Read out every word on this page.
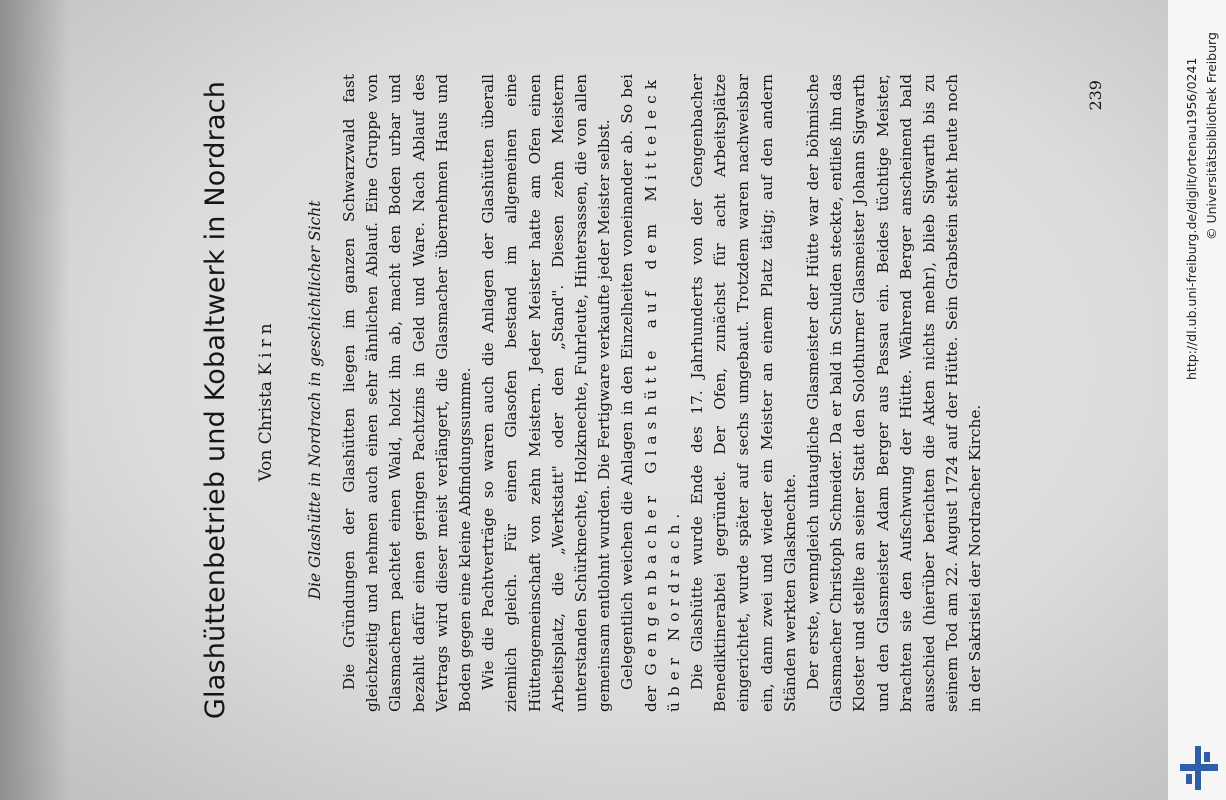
Glashüttenbetrieb und Kobaltwerk in Nordrach Von Christa Kirn Die Glashütte in Nordrach in geschichtlicher Sicht Die Gründungen der Glashütten liegen im ganzen Schwarzwald fast gleichzeitig und nehmen auch einen sehr ähnlichen Ablauf. Eine Gruppe von Glasmachern pachtet einen Wald, holzt ihn ab, macht den Boden urbar und bezahlt dafür einen geringen Pachtzins in Geld und Ware. Nach Ablauf des Vertrags wird dieser meist verlängert, die Glasmacher übernehmen Haus und Boden gegen eine kleine Abfindungssumme. Wie die Pachtverträge so waren auch die Anlagen der Glashütten überall ziemlich gleich. Für einen Glasofen bestand im allgemeinen eine Hüttengemeinschaft von zehn Meistern. Jeder Meister hatte am Ofen einen Arbeitsplatz, die „Werkstatt" oder den „Stand". Diesen zehn Meistern unterstanden Schürknechte, Holzknechte, Fuhrleute, Hintersassen, die von allen gemeinsam entlohnt wurden. Die Fertigware verkaufte jeder Meister selbst. Gelegentlich weichen die Anlagen in den Einzelheiten voneinander ab. So bei der Gengenbacher Glashütte auf dem Mitteleck über Nordrach. Die Glashütte wurde Ende des 17. Jahrhunderts von der Gengenbacher Benediktinerabtei gegründet. Der Ofen, zunächst für acht Arbeitsplätze eingerichtet, wurde später auf sechs umgebaut. Trotzdem waren nachweisbar ein, dann zwei und wieder ein Meister an einem Platz tätig; auf den andern Ständen werkten Glasknechte. Der erste, wenngleich untaugliche Glasmeister der Hütte war der böhmische Glasmacher Christoph Schneider. Da er bald in Schulden steckte, entließ ihn das Kloster und stellte an seiner Statt den Solothurner Glasmeister Johann Sigwarth und den Glasmeister Adam Berger aus Passau ein. Beides tüchtige Meister, brachten sie den Aufschwung der Hütte. Während Berger anscheinend bald ausschied (hierüber berichten die Akten nichts mehr), blieb Sigwarth bis zu seinem Tod am 22. August 1724 auf der Hütte. Sein Grabstein steht heute noch in der Sakristei der Nordracher Kirche.

239	http://dl.ub.uni-freiburg.de/diglit/ortenau1956/0241 © Universitätsbibliothek Freiburg
